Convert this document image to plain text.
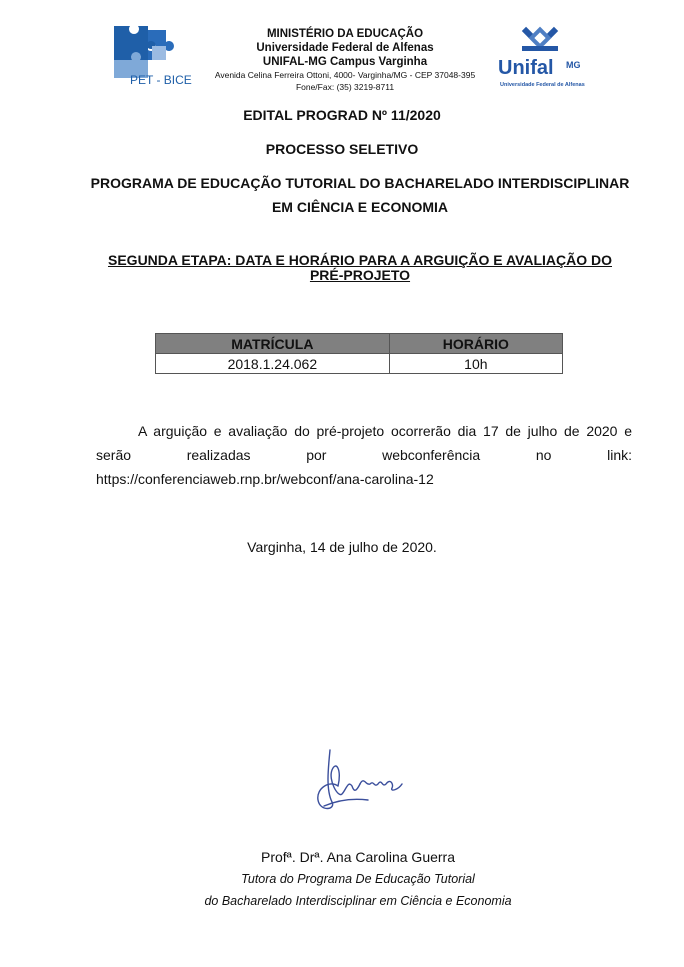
PET - BICE
MINISTÉRIO DA EDUCAÇÃO
Universidade Federal de Alfenas
UNIFAL-MG Campus Varginha
Avenida Celina Ferreira Ottoni, 4000- Varginha/MG - CEP 37048-395
Fone/Fax: (35) 3219-8711
Unifal MG
Universidade Federal de Alfenas
EDITAL PROGRAD Nº 11/2020
PROCESSO SELETIVO
PROGRAMA DE EDUCAÇÃO TUTORIAL DO BACHARELADO INTERDISCIPLINAR
EM CIÊNCIA E ECONOMIA
SEGUNDA ETAPA: DATA E HORÁRIO PARA A ARGUIÇÃO E AVALIAÇÃO DO
PRÉ-PROJETO
MATRÍCULA	HORÁRIO
2018.1.24.062	10h
A arguição e avaliação do pré-projeto ocorrerão dia 17 de julho de 2020 e serão realizadas por webconferência no link: https://conferenciaweb.rnp.br/webconf/ana-carolina-12
Varginha, 14 de julho de 2020.
Profª. Drª. Ana Carolina Guerra
Tutora do Programa De Educação Tutorial
do Bacharelado Interdisciplinar em Ciência e Economia
